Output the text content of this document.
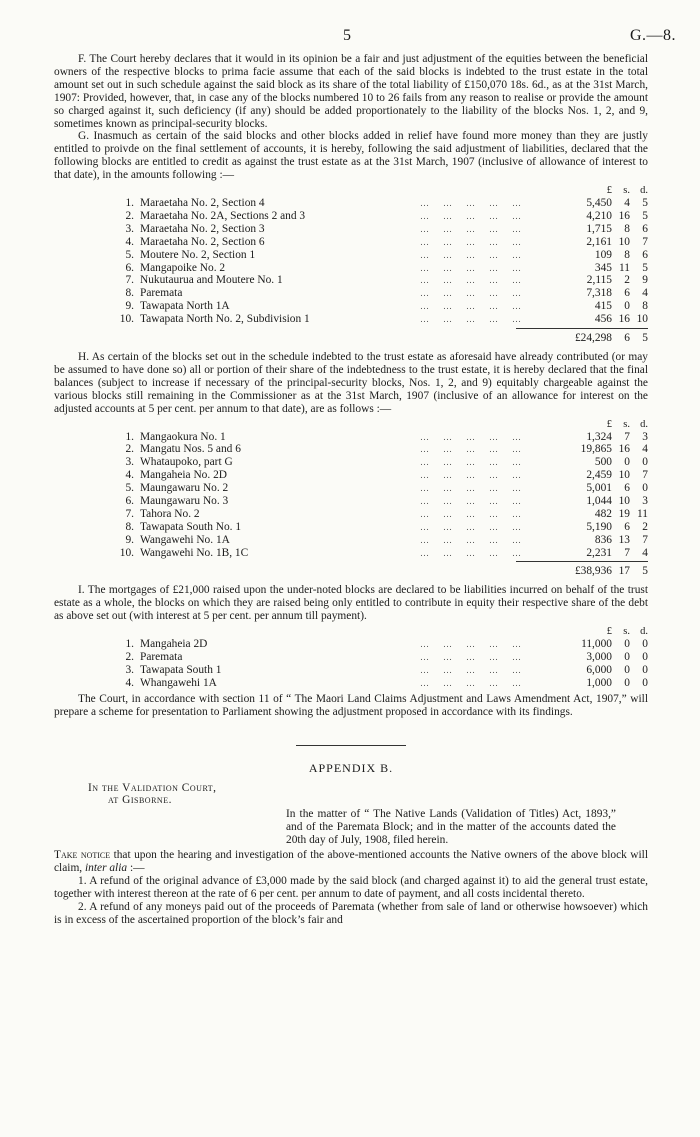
5	G.—8.

F. The Court hereby declares that it would in its opinion be a fair and just adjustment of the equities between the beneficial owners of the respective blocks to prima facie assume that each of the said blocks is indebted to the trust estate in the total amount set out in such schedule against the said block as its share of the total liability of £150,070 18s. 6d., as at the 31st March, 1907: Provided, however, that, in case any of the blocks numbered 10 to 26 fails from any reason to realise or provide the amount so charged against it, such deficiency (if any) should be added proportionately to the liability of the blocks Nos. 1, 2, and 9, sometimes known as principal-security blocks.

G. Inasmuch as certain of the said blocks and other blocks added in relief have found more money than they are justly entitled to proivde on the final settlement of accounts, it is hereby, following the said adjustment of liabilities, declared that the following blocks are entitled to credit as against the trust estate as at the 31st March, 1907 (inclusive of allowance of interest to that date), in the amounts following :—

£	s. d.
1. Maraetaha No. 2, Section 4	……………	5,450	4	5
2. Maraetaha No. 2A, Sections 2 and 3	……………	4,210 16	5
3. Maraetaha No. 2, Section 3	……………	1,715	8	6
4. Maraetaha No. 2, Section 6	……………	2,161 10	7
5. Moutere No. 2, Section 1	……………	109	8	6
6. Mangapoike No. 2	……………	345 11	5
7. Nukutaurua and Moutere No. 1	……………	2,115	2	9
8. Paremata	……………	7,318	6	4
9. Tawapata North 1A	……………	415	0	8
10. Tawapata North No. 2, Subdivision 1	……………	456 16 10
£24,298	6	5

H. As certain of the blocks set out in the schedule indebted to the trust estate as aforesaid have already contributed (or may be assumed to have done so) all or portion of their share of the indebtedness to the trust estate, it is hereby declared that the final balances (subject to increase if necessary of the principal-security blocks, Nos. 1, 2, and 9) equitably chargeable against the various blocks still remaining in the Commissioner as at the 31st March, 1907 (inclusive of an allowance for interest on the adjusted accounts at 5 per cent. per annum to that date), are as follows :—

£	s. d.
1. Mangaokura No. 1	……………	1,324	7	3
2. Mangatu Nos. 5 and 6	……………	19,865 16	4
3. Whataupoko, part G	……………	500	0	0
4. Mangaheia No. 2D	……………	2,459 10	7
5. Maungawaru No. 2	……………	5,001	6	0
6. Maungawaru No. 3	……………	1,044 10	3
7. Tahora No. 2	……………	482 19 11
8. Tawapata South No. 1	……………	5,190	6	2
9. Wangawehi No. 1A	……………	836 13	7
10. Wangawehi No. 1B, 1C	……………	2,231	7	4
£38,936 17	5

I. The mortgages of £21,000 raised upon the under-noted blocks are declared to be liabilities incurred on behalf of the trust estate as a whole, the blocks on which they are raised being only entitled to contribute in equity their respective share of the debt as above set out (with interest at 5 per cent. per annum till payment).

£	s. d.
1. Mangaheia 2D	……………	11,000	0	0
2. Paremata	……………	3,000	0	0
3. Tawapata South 1	……………	6,000	0	0
4. Whangawehi 1A	……………	1,000	0	0

The Court, in accordance with section 11 of “ The Maori Land Claims Adjustment and Laws Amendment Act, 1907,” will prepare a scheme for presentation to Parliament showing the adjustment proposed in accordance with its findings.

APPENDIX B.
In the Validation Court,
at Gisborne.

In the matter of “ The Native Lands (Validation of Titles) Act, 1893,” and of the Paremata Block; and in the matter of the accounts dated the 20th day of July, 1908, filed herein.

Take notice that upon the hearing and investigation of the above-mentioned accounts the Native owners of the above block will claim, inter alia :—

1. A refund of the original advance of £3,000 made by the said block (and charged against it) to aid the general trust estate, together with interest thereon at the rate of 6 per cent. per annum to date of payment, and all costs incidental thereto.

2. A refund of any moneys paid out of the proceeds of Paremata (whether from sale of land or otherwise howsoever) which is in excess of the ascertained proportion of the block’s fair and
